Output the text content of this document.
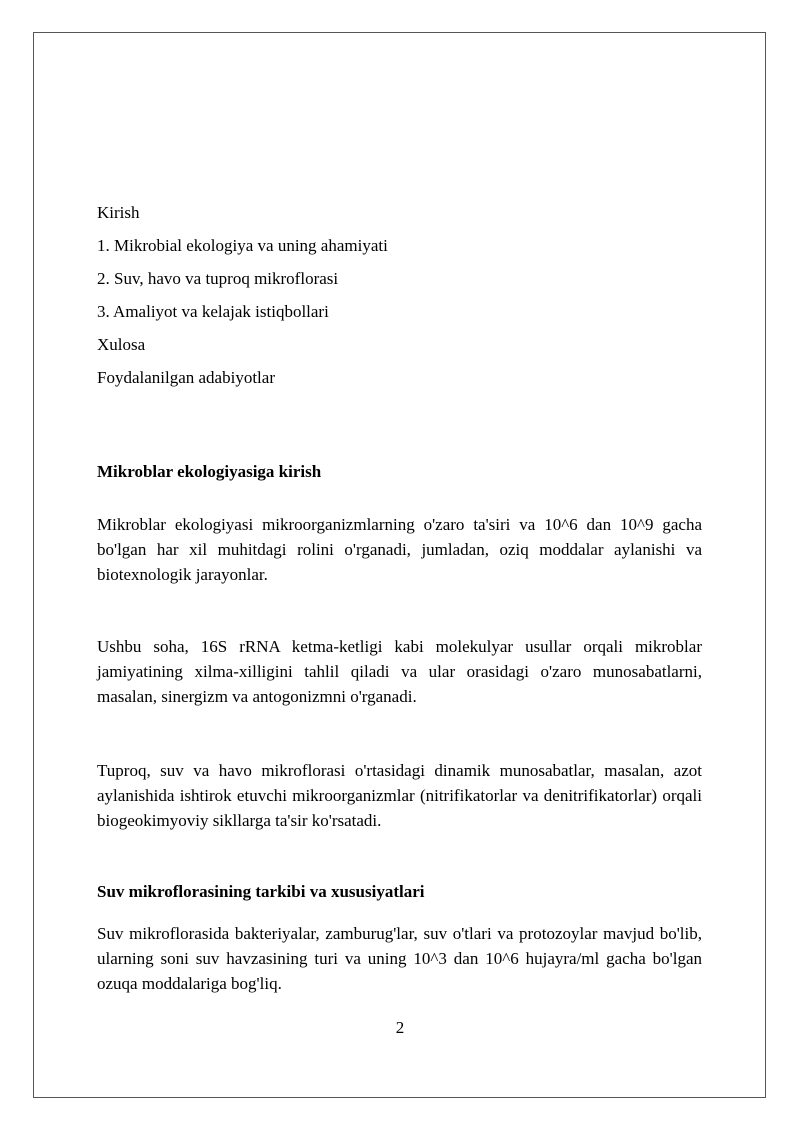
Kirish
1. Mikrobial ekologiya va uning ahamiyati
2. Suv, havo va tuproq mikroflorasi
3. Amaliyot va kelajak istiqbollari
Xulosa
Foydalanilgan adabiyotlar
Mikroblar ekologiyasiga kirish
Mikroblar ekologiyasi mikroorganizmlarning o'zaro ta'siri va 10^6 dan 10^9 gacha bo'lgan har xil muhitdagi rolini o'rganadi, jumladan, oziq moddalar aylanishi va biotexnologik jarayonlar.
Ushbu soha, 16S rRNA ketma-ketligi kabi molekulyar usullar orqali mikroblar jamiyatining xilma-xilligini tahlil qiladi va ular orasidagi o'zaro munosabatlarni, masalan, sinergizm va antogonizmni o'rganadi.
Tuproq, suv va havo mikroflorasi o'rtasidagi dinamik munosabatlar, masalan, azot aylanishida ishtirok etuvchi mikroorganizmlar (nitrifikatorlar va denitrifikatorlar) orqali biogeokimyoviy sikllarga ta'sir ko'rsatadi.
Suv mikroflorasining tarkibi va xususiyatlari
Suv mikroflorasida bakteriyalar, zamburug'lar, suv o'tlari va protozoylar mavjud bo'lib, ularning soni suv havzasining turi va uning 10^3 dan 10^6 hujayra/ml gacha bo'lgan ozuqa moddalariga bog'liq.
2
